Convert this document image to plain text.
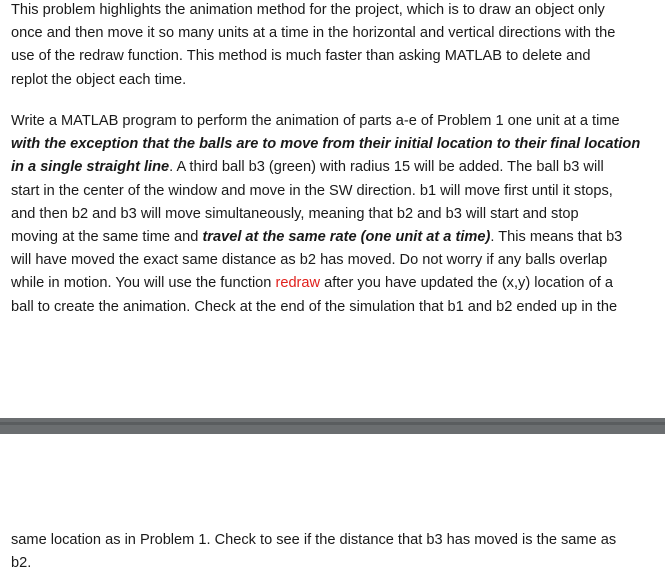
This problem highlights the animation method for the project, which is to draw an object only
once and then move it so many units at a time in the horizontal and vertical directions with the
use of the redraw function. This method is much faster than asking MATLAB to delete and
replot the object each time.

Write a MATLAB program to perform the animation of parts a-e of Problem 1 one unit at a time
with the exception that the balls are to move from their initial location to their final location
in a single straight line. A third ball b3 (green) with radius 15 will be added. The ball b3 will
start in the center of the window and move in the SW direction. b1 will move first until it stops,
and then b2 and b3 will move simultaneously, meaning that b2 and b3 will start and stop
moving at the same time and travel at the same rate (one unit at a time). This means that b3
will have moved the exact same distance as b2 has moved. Do not worry if any balls overlap
while in motion. You will use the function redraw after you have updated the (x,y) location of a
ball to create the animation. Check at the end of the simulation that b1 and b2 ended up in the

same location as in Problem 1. Check to see if the distance that b3 has moved is the same as
b2.
